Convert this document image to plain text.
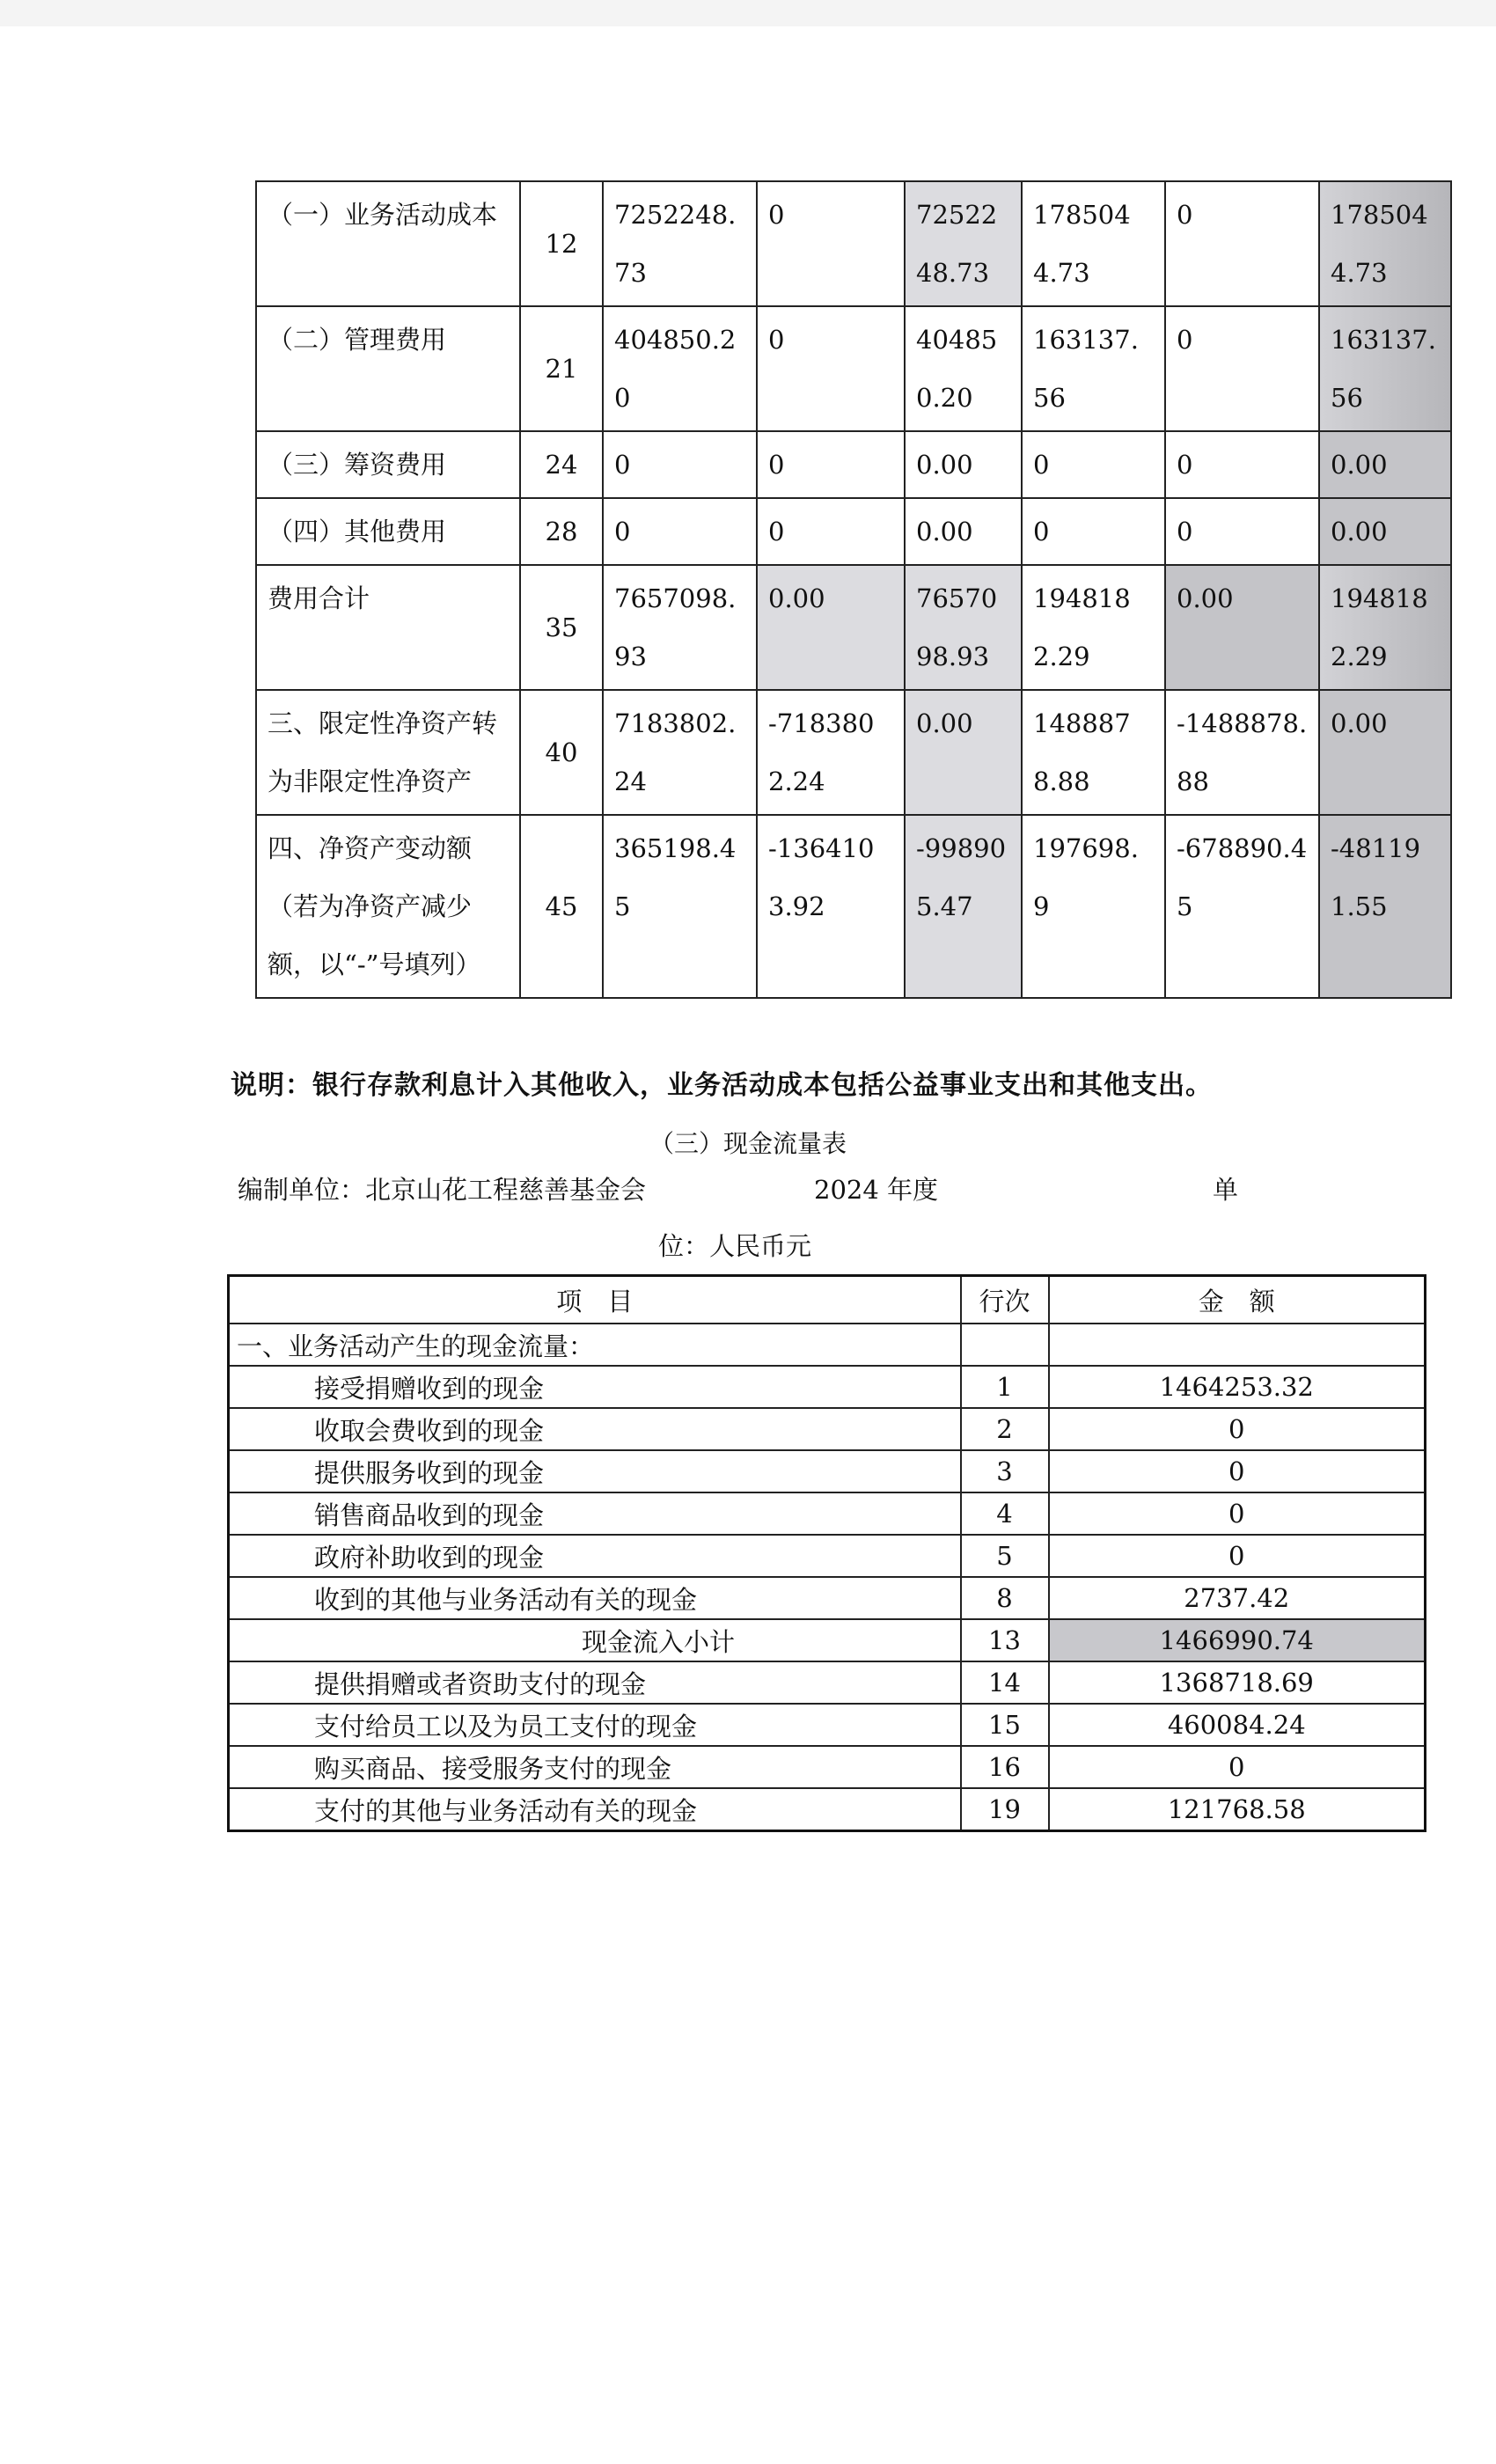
（一）业务活动成本	12	7252248.73	0	7252248.73	1785044.73	0	1785044.73
（二）管理费用	21	404850.20	0	404850.20	163137.56	0	163137.56
（三）筹资费用	24	0	0	0.00	0	0	0.00
（四）其他费用	28	0	0	0.00	0	0	0.00
费用合计	35	7657098.93	0.00	7657098.93	1948182.29	0.00	1948182.29
三、限定性净资产转为非限定性净资产	40	7183802.24	-7183802.24	0.00	1488878.88	-1488878.88	0.00
四、净资产变动额（若为净资产减少额，以“-”号填列）	45	365198.45	-1364103.92	-998905.47	197698.9	-678890.45	-481191.55
说明：银行存款利息计入其他收入，业务活动成本包括公益事业支出和其他支出。
（三）现金流量表
编制单位：北京山花工程慈善基金会	2024 年度	单
位：人民币元
项　目	行次	金　额
一、业务活动产生的现金流量：		
接受捐赠收到的现金	1	1464253.32
收取会费收到的现金	2	0
提供服务收到的现金	3	0
销售商品收到的现金	4	0
政府补助收到的现金	5	0
收到的其他与业务活动有关的现金	8	2737.42
现金流入小计	13	1466990.74
提供捐赠或者资助支付的现金	14	1368718.69
支付给员工以及为员工支付的现金	15	460084.24
购买商品、接受服务支付的现金	16	0
支付的其他与业务活动有关的现金	19	121768.58
